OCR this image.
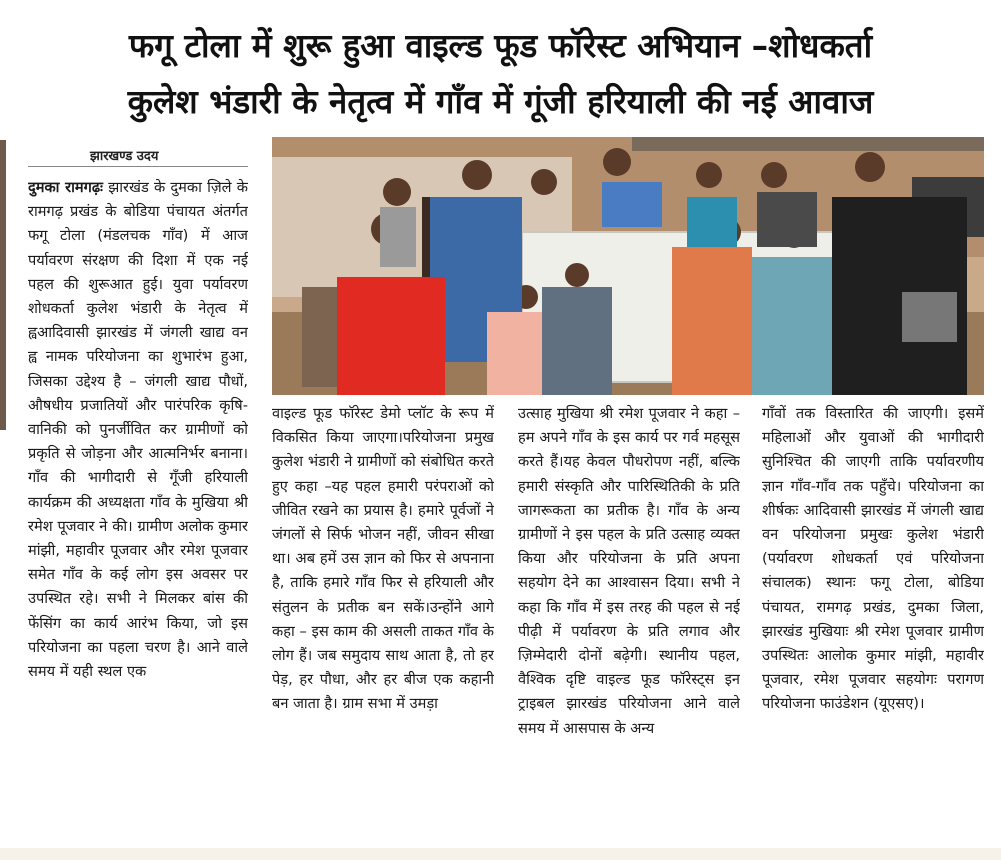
फगू टोला में शुरू हुआ वाइल्ड फूड फॉरेस्ट अभियान –शोधकर्ता
कुलेश भंडारी के नेतृत्व में गाँव में गूंजी हरियाली की नई आवाज
झारखण्ड उदय

दुमका रामगढ़ः झारखंड के दुमका ज़िले के रामगढ़ प्रखंड के बोडिया पंचायत अंतर्गत फगू टोला (मंडलचक गाँव) में आज पर्यावरण संरक्षण की दिशा में एक नई पहल की शुरूआत हुई। युवा पर्यावरण शोधकर्ता कुलेश भंडारी के नेतृत्व में ह्वआदिवासी झारखंड में जंगली खाद्य वन ह्व नामक परियोजना का शुभारंभ हुआ, जिसका उद्देश्य है – जंगली खाद्य पौधों, औषधीय प्रजातियों और पारंपरिक कृषि-वानिकी को पुनर्जीवित कर ग्रामीणों को प्रकृति से जोड़ना और आत्मनिर्भर बनाना। गाँव की भागीदारी से गूँजी हरियाली कार्यक्रम की अध्यक्षता गाँव के मुखिया श्री रमेश पूजवार ने की। ग्रामीण अलोक कुमार मांझी, महावीर पूजवार और रमेश पूजवार समेत गाँव के कई लोग इस अवसर पर उपस्थित रहे। सभी ने मिलकर बांस की फेंसिंग का कार्य आरंभ किया, जो इस परियोजना का पहला चरण है। आने वाले समय में यही स्थल एक

वाइल्ड फूड फॉरेस्ट डेमो प्लॉट के रूप में विकसित किया जाएगा।परियोजना प्रमुख कुलेश भंडारी ने ग्रामीणों को संबोधित करते हुए कहा –यह पहल हमारी परंपराओं को जीवित रखने का प्रयास है। हमारे पूर्वजों ने जंगलों से सिर्फ भोजन नहीं, जीवन सीखा था। अब हमें उस ज्ञान को फिर से अपनाना है, ताकि हमारे गाँव फिर से हरियाली और संतुलन के प्रतीक बन सकें।उन्होंने आगे कहा – इस काम की असली ताकत गाँव के लोग हैं। जब समुदाय साथ आता है, तो हर पेड़, हर पौधा, और हर बीज एक कहानी बन जाता है। ग्राम सभा में उमड़ा

उत्साह मुखिया श्री रमेश पूजवार ने कहा – हम अपने गाँव के इस कार्य पर गर्व महसूस करते हैं।यह केवल पौधरोपण नहीं, बल्कि हमारी संस्कृति और पारिस्थितिकी के प्रति जागरूकता का प्रतीक है। गाँव के अन्य ग्रामीणों ने इस पहल के प्रति उत्साह व्यक्त किया और परियोजना के प्रति अपना सहयोग देने का आश्वासन दिया। सभी ने कहा कि गाँव में इस तरह की पहल से नई पीढ़ी में पर्यावरण के प्रति लगाव और ज़िम्मेदारी दोनों बढ़ेगी। स्थानीय पहल, वैश्विक दृष्टि वाइल्ड फूड फॉरेस्ट्स इन ट्राइबल झारखंड परियोजना आने वाले समय में आसपास के अन्य

गाँवों तक विस्तारित की जाएगी। इसमें महिलाओं और युवाओं की भागीदारी सुनिश्चित की जाएगी ताकि पर्यावरणीय ज्ञान गाँव-गाँव तक पहुँचे। परियोजना का शीर्षकः आदिवासी झारखंड में जंगली खाद्य वन परियोजना प्रमुखः कुलेश भंडारी (पर्यावरण शोधकर्ता एवं परियोजना संचालक) स्थानः फगू टोला, बोडिया पंचायत, रामगढ़ प्रखंड, दुमका जिला, झारखंड मुखियाः श्री रमेश पूजवार ग्रामीण उपस्थितः आलोक कुमार मांझी, महावीर पूजवार, रमेश पूजवार सहयोगः परागण परियोजना फाउंडेशन (यूएसए)।
